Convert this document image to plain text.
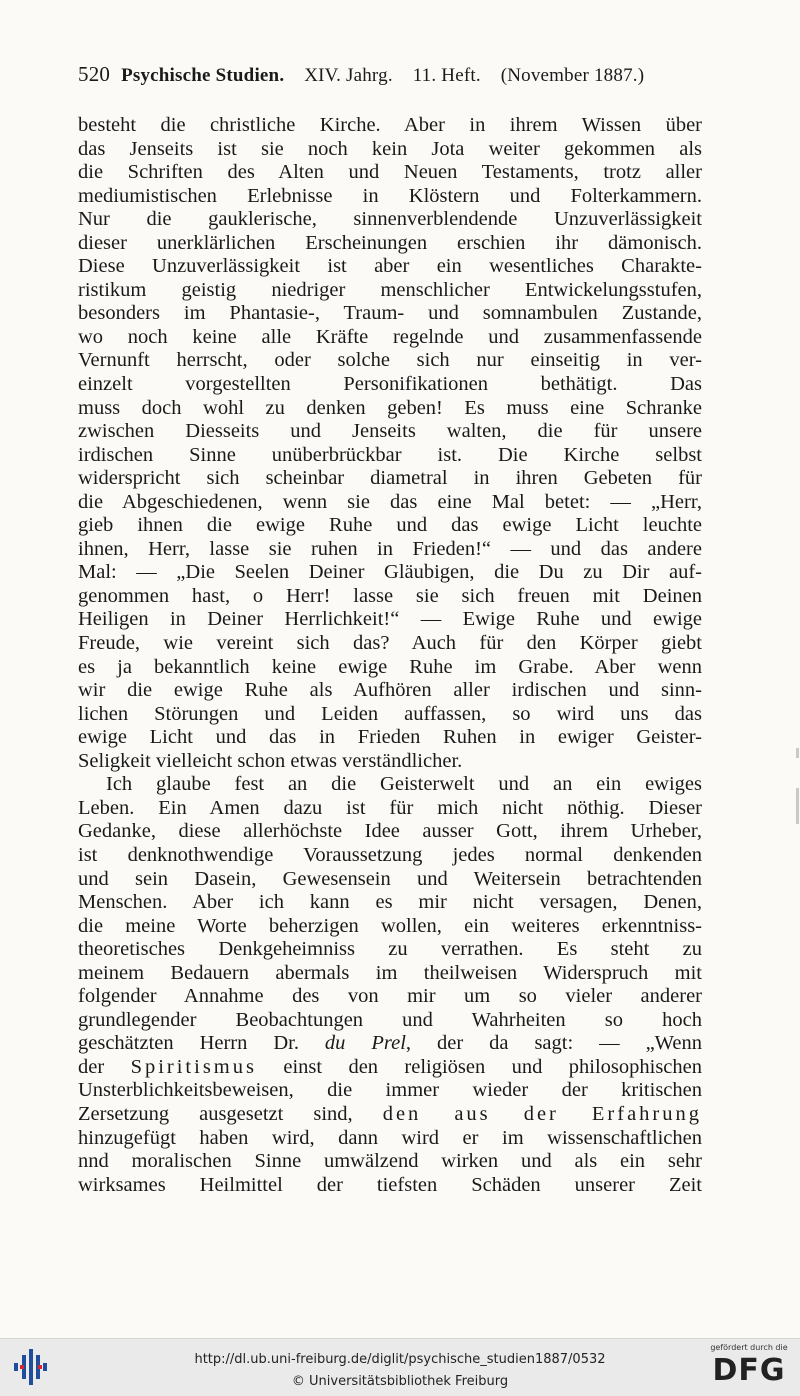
520 Psychische Studien. XIV. Jahrg. 11. Heft. (November 1887.)
besteht die christliche Kirche. Aber in ihrem Wissen über
das Jenseits ist sie noch kein Jota weiter gekommen als
die Schriften des Alten und Neuen Testaments, trotz aller
mediumistischen Erlebnisse in Klöstern und Folterkammern.
Nur die gauklerische, sinnenverblendende Unzuverlässigkeit
dieser unerklärlichen Erscheinungen erschien ihr dämonisch.
Diese Unzuverlässigkeit ist aber ein wesentliches Charakte-
ristikum geistig niedriger menschlicher Entwickelungsstufen,
besonders im Phantasie-, Traum- und somnambulen Zustande,
wo noch keine alle Kräfte regelnde und zusammenfassende
Vernunft herrscht, oder solche sich nur einseitig in ver-
einzelt vorgestellten Personifikationen bethätigt. Das
muss doch wohl zu denken geben! Es muss eine Schranke
zwischen Diesseits und Jenseits walten, die für unsere
irdischen Sinne unüberbrückbar ist. Die Kirche selbst
widerspricht sich scheinbar diametral in ihren Gebeten für
die Abgeschiedenen, wenn sie das eine Mal betet: — „Herr,
gieb ihnen die ewige Ruhe und das ewige Licht leuchte
ihnen, Herr, lasse sie ruhen in Frieden!“ — und das andere
Mal: — „Die Seelen Deiner Gläubigen, die Du zu Dir auf-
genommen hast, o Herr! lasse sie sich freuen mit Deinen
Heiligen in Deiner Herrlichkeit!“ — Ewige Ruhe und ewige
Freude, wie vereint sich das? Auch für den Körper giebt
es ja bekanntlich keine ewige Ruhe im Grabe. Aber wenn
wir die ewige Ruhe als Aufhören aller irdischen und sinn-
lichen Störungen und Leiden auffassen, so wird uns das
ewige Licht und das in Frieden Ruhen in ewiger Geister-
Seligkeit vielleicht schon etwas verständlicher.
Ich glaube fest an die Geisterwelt und an ein ewiges
Leben. Ein Amen dazu ist für mich nicht nöthig. Dieser
Gedanke, diese allerhöchste Idee ausser Gott, ihrem Urheber,
ist denknothwendige Voraussetzung jedes normal denkenden
und sein Dasein, Gewesensein und Weitersein betrachtenden
Menschen. Aber ich kann es mir nicht versagen, Denen,
die meine Worte beherzigen wollen, ein weiteres erkenntniss-
theoretisches Denkgeheimniss zu verrathen. Es steht zu
meinem Bedauern abermals im theilweisen Widerspruch mit
folgender Annahme des von mir um so vieler anderer
grundlegender Beobachtungen und Wahrheiten so hoch
geschätzten Herrn Dr. du Prel, der da sagt: — „Wenn
der Spiritismus einst den religiösen und philosophischen
Unsterblichkeitsbeweisen, die immer wieder der kritischen
Zersetzung ausgesetzt sind, den aus der Erfahrung
hinzugefügt haben wird, dann wird er im wissenschaftlichen
nnd moralischen Sinne umwälzend wirken und als ein sehr
wirksames Heilmittel der tiefsten Schäden unserer Zeit
http://dl.ub.uni-freiburg.de/diglit/psychische_studien1887/0532
© Universitätsbibliothek Freiburg
gefördert durch die
DFG
